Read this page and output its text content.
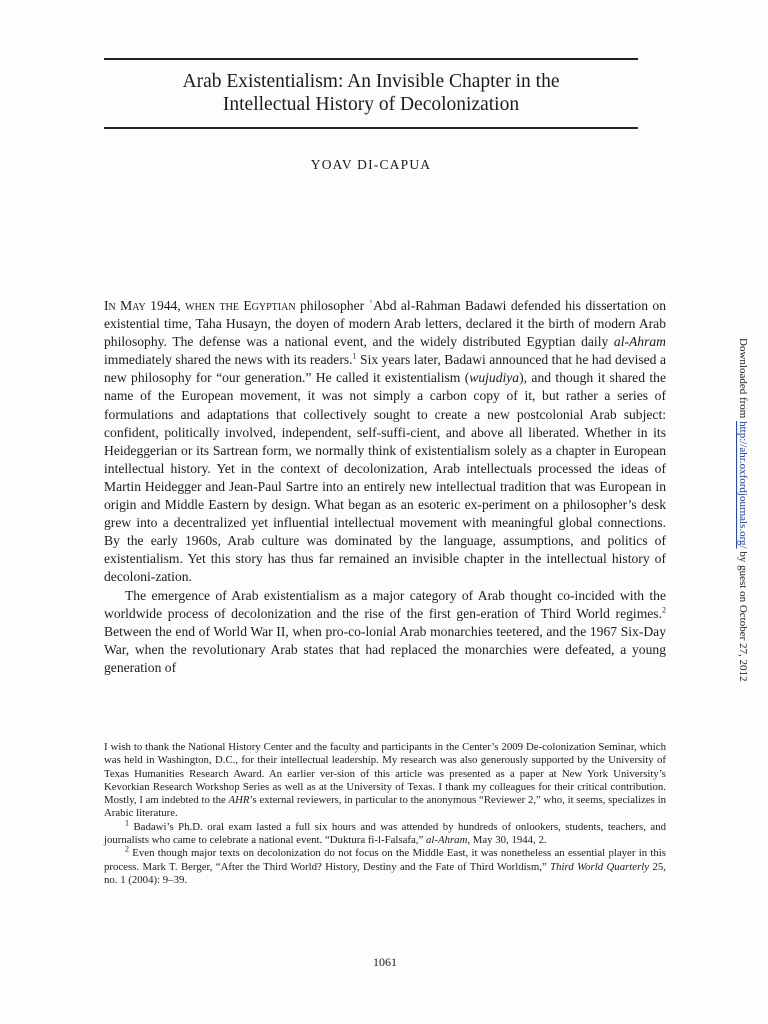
Arab Existentialism: An Invisible Chapter in the
Intellectual History of Decolonization
YOAV DI-CAPUA

In May 1944, when the Egyptian philosopher ʿAbd al-Rahman Badawi defended his dissertation on existential time, Taha Husayn, the doyen of modern Arab letters, declared it the birth of modern Arab philosophy. The defense was a national event, and the widely distributed Egyptian daily al-Ahram immediately shared the news with its readers.$^1$ Six years later, Badawi announced that he had devised a new philosophy for “our generation.” He called it existentialism (wujudiya), and though it shared the name of the European movement, it was not simply a carbon copy of it, but rather a series of formulations and adaptations that collectively sought to create a new postcolonial Arab subject: confident, politically involved, independent, self-suffi-cient, and above all liberated. Whether in its Heideggerian or its Sartrean form, we normally think of existentialism solely as a chapter in European intellectual history. Yet in the context of decolonization, Arab intellectuals processed the ideas of Martin Heidegger and Jean-Paul Sartre into an entirely new intellectual tradition that was European in origin and Middle Eastern by design. What began as an esoteric ex-periment on a philosopher’s desk grew into a decentralized yet influential intellectual movement with meaningful global connections. By the early 1960s, Arab culture was dominated by the language, assumptions, and politics of existentialism. Yet this story has thus far remained an invisible chapter in the intellectual history of decoloni-zation.

The emergence of Arab existentialism as a major category of Arab thought co-incided with the worldwide process of decolonization and the rise of the first gen-eration of Third World regimes.$^2$ Between the end of World War II, when pro-co-lonial Arab monarchies teetered, and the 1967 Six-Day War, when the revolutionary Arab states that had replaced the monarchies were defeated, a young generation of

I wish to thank the National History Center and the faculty and participants in the Center’s 2009 De-colonization Seminar, which was held in Washington, D.C., for their intellectual leadership. My research was also generously supported by the University of Texas Humanities Research Award. An earlier ver-sion of this article was presented as a paper at New York University’s Kevorkian Research Workshop Series as well as at the University of Texas. I thank my colleagues for their critical contribution. Mostly, I am indebted to the AHR’s external reviewers, in particular to the anonymous “Reviewer 2,” who, it seems, specializes in Arabic literature.

$^1$ Badawi’s Ph.D. oral exam lasted a full six hours and was attended by hundreds of onlookers, students, teachers, and journalists who came to celebrate a national event. “Duktura fi-l-Falsafa,” al-Ahram, May 30, 1944, 2.

$^2$ Even though major texts on decolonization do not focus on the Middle East, it was nonetheless an essential player in this process. Mark T. Berger, “After the Third World? History, Destiny and the Fate of Third Worldism,” Third World Quarterly 25, no. 1 (2004): 9–39.

1061
Downloaded from http://ahr.oxfordjournals.org/ by guest on October 27, 2012
